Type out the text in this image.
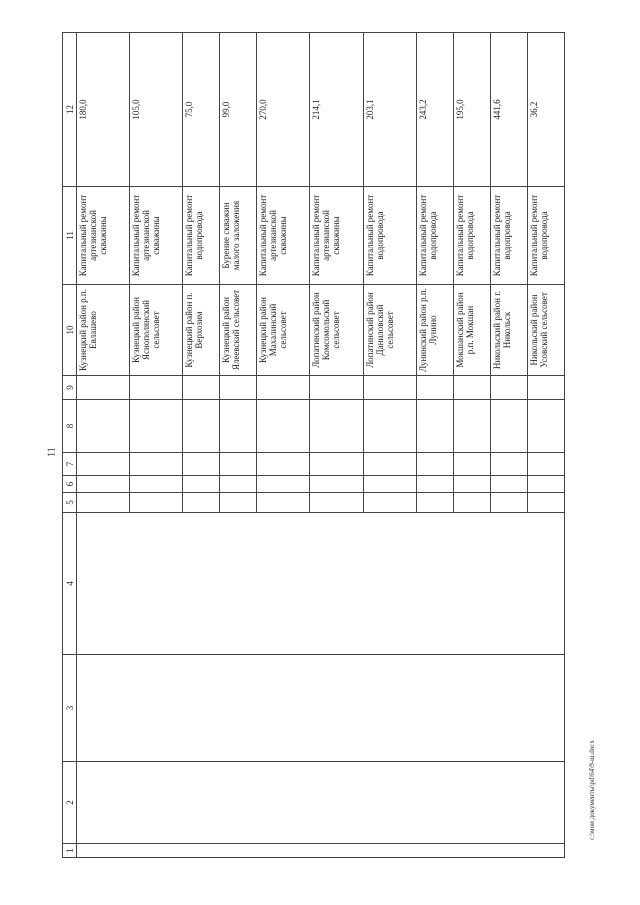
11
c:\мои документы\pd\64\9-ш.docx
1	2	3	4	5	6	7	8	9	10	11	12
									Кузнецкий район р.п. Евлашево	Капитальный ремонт артезианской скважины	180,0
									Кузнецкий район Яснополянский сельсовет	Капитальный ремонт артезианской скважины	105,0
									Кузнецкий район п. Верхозим	Капитальный ремонт водопровода	75,0
									Кузнецкий район Ялеевский сельсовет	Бурение скважин малого заложения	99,0
									Кузнецкий район Махалинский сельсовет	Капитальный ремонт артезианской скважины	270,0
									Лопатинский район Комсомольский сельсовет	Капитальный ремонт артезианской скважины	214,1
									Лопатинский район Даниловский сельсовет	Капитальный ремонт водопровода	203,1
									Лунинский район р.п. Лунино	Капитальный ремонт водопровода	243,2
									Мокшанский район р.п. Мокшан	Капитальный ремонт водопровода	195,0
									Никольский район г. Никольск	Капитальный ремонт водопровода	441,6
									Никольский район Усовский сельсовет	Капитальный ремонт водопровода	36,2
